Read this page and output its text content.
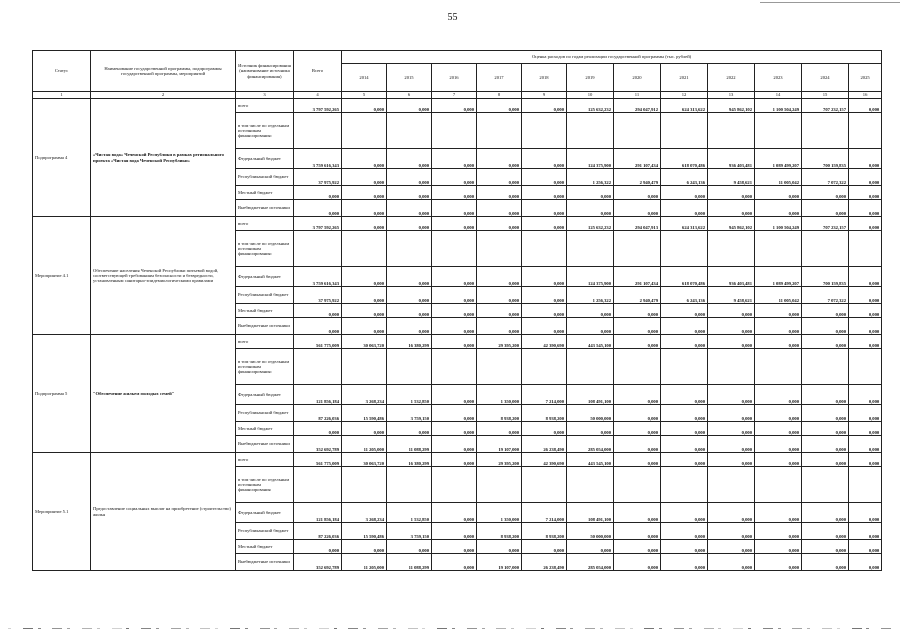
55
Статус	Наименование государственной программы, подпрограммы государственной программы, мероприятий	Источник финансирования (наименование источника финансирования)	Всего	Оценка расходов по годам реализации государственной программы (тыс. рублей)											
				2014	2015	2016	2017	2018	2019	2020	2021	2022	2023	2024	2025
1	2	3	4	5	6	7	8	9	10	11	12	13	14	15	16
Подпрограмма 4	«Чистая вода» Чеченской Республики в рамках регионального проекта «Чистая вода Чеченской Республики»	всего	3 797 592,265	0,000	0,000	0,000	0,000	0,000	125 632,232	294 047,912	624 313,622	945 862,102	1 100 504,249	707 232,157	0,000
		в том числе по отдельным источникам финансирования:													
		Федеральный бюджет	3 759 616,343	0,000	0,000	0,000	0,000	0,000	124 375,900	291 107,434	618 070,486	936 403,481	1 089 499,207	700 159,835	0,000
		Республиканский бюджет	37 975,922	0,000	0,000	0,000	0,000	0,000	1 256,322	2 940,479	6 243,136	9 458,621	11 005,042	7 072,322	0,000
		Местный бюджет	0,000	0,000	0,000	0,000	0,000	0,000	0,000	0,000	0,000	0,000	0,000	0,000	0,000
		Внебюджетные источники	0,000	0,000	0,000	0,000	0,000	0,000	0,000	0,000	0,000	0,000	0,000	0,000	0,000
Мероприятие 4.1	Обеспечение населения Чеченской Республики питьевой водой, соответствующей требованиям безопасности и безвредности, установленным санитарно-эпидемиологическими правилами	всего	3 797 592,265	0,000	0,000	0,000	0,000	0,000	125 632,232	294 047,913	624 313,622	945 862,102	1 100 504,249	707 232,157	0,000
		в том числе по отдельным источникам финансирования:													
		Федеральный бюджет	3 759 616,343	0,000	0,000	0,000	0,000	0,000	124 375,900	291 107,434	618 070,486	936 403,481	1 089 499,207	700 159,835	0,000
		Республиканский бюджет	37 975,922	0,000	0,000	0,000	0,000	0,000	1 256,322	2 940,479	6 243,136	9 458,621	11 005,042	7 072,322	0,000
		Местный бюджет	0,000	0,000	0,000	0,000	0,000	0,000	0,000	0,000	0,000	0,000	0,000	0,000	0,000
		Внебюджетные источники	0,000	0,000	0,000	0,000	0,000	0,000	0,000	0,000	0,000	0,000	0,000	0,000	0,000
Подпрограмма 5	"Обеспечение жильем молодых семей"	всего	561 775,009	30 063,720	16 380,299	0,000	29 395,200	42 390,690	443 545,100	0,000	0,000	0,000	0,000	0,000	0,000
		в том числе по отдельным источникам финансирования:													
		Федеральный бюджет	121 856,184	3 268,234	1 532,850	0,000	1 350,000	7 214,000	108 491,100	0,000	0,000	0,000	0,000	0,000	0,000
		Республиканский бюджет	87 226,036	15 590,486	3 759,150	0,000	8 938,200	8 938,200	50 000,000	0,000	0,000	0,000	0,000	0,000	0,000
		Местный бюджет	0,000	0,000	0,000	0,000	0,000	0,000	0,000	0,000	0,000	0,000	0,000	0,000	0,000
		Внебюджетные источники	352 692,789	11 205,000	11 088,299	0,000	19 107,000	26 238,490	285 054,000	0,000	0,000	0,000	0,000	0,000	0,000
Мероприятие 5.1	Предоставление социальных выплат на приобретение (строительство) жилья	всего	561 775,009	30 063,720	16 380,299	0,000	29 395,200	42 390,690	443 545,100	0,000	0,000	0,000	0,000	0,000	0,000
		в том числе по отдельным источникам финансирования													
		Федеральный бюджет	121 856,184	3 268,234	1 532,850	0,000	1 350,000	7 214,000	108 491,100	0,000	0,000	0,000	0,000	0,000	0,000
		Республиканский бюджет	87 226,036	15 590,486	3 759,150	0,000	8 938,200	8 938,200	50 000,000	0,000	0,000	0,000	0,000	0,000	0,000
		Местный бюджет	0,000	0,000	0,000	0,000	0,000	0,000	0,000	0,000	0,000	0,000	0,000	0,000	0,000
		Внебюджетные источники	352 692,789	11 205,000	11 088,299	0,000	19 107,000	26 238,490	285 054,000	0,000	0,000	0,000	0,000	0,000	0,000
